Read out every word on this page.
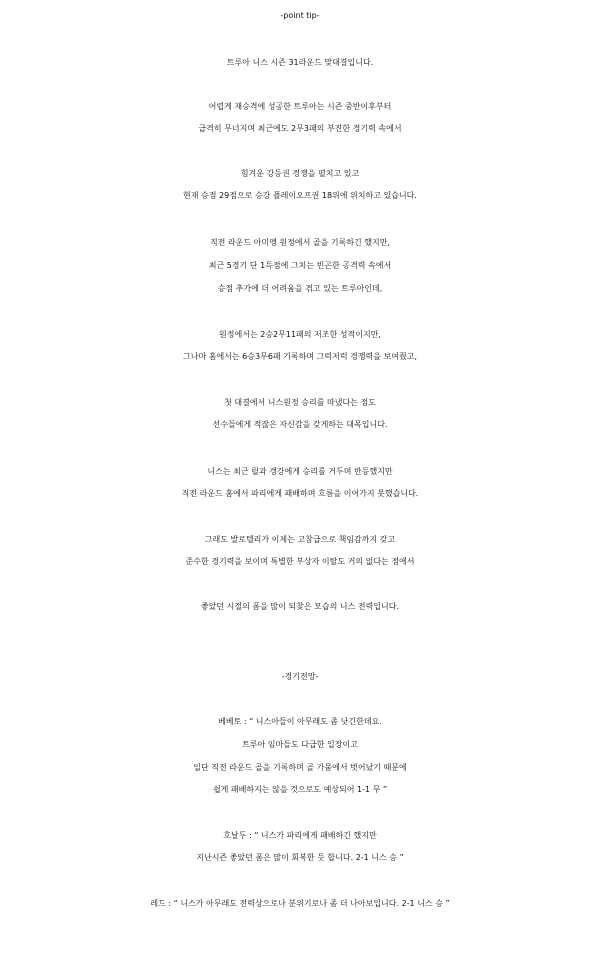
-point tip-
트루아 니스 시즌 31라운드 맞대결입니다.
어렵게 재승격에 성공한 트루아는 시즌 중반이후부터
급격히 무너지며 최근에도 2무3패의 부진한 경기력 속에서
힘겨운 강등권 경쟁을 펼치고 있고
현재 승점 29점으로 승강 플레이오프권 18위에 위치하고 있습니다.
직전 라운드 아미앵 원정에서 골을 기록하긴 했지만,
최근 5경기 단 1득점에 그치는 빈곤한 공격력 속에서
승점 추가에 더 어려움을 겪고 있는 트루아인데,
원정에서는 2승2무11패의 저조한 성적이지만,
그나마 홈에서는 6승3무6패 기록하며 그럭저럭 경쟁력을 보여줬고,
첫 대결에서 니스원정 승리를 따냈다는 점도
선수들에게 적잖은 자신감을 갖게하는 대목입니다.
니스는 최근 릴과 갱강에게 승리를 거두며 반등했지만
직전 라운드 홈에서 파리에게 패배하며 흐름을 이어가지 못했습니다.
그래도 발로텔리가 이제는 고참급으로 책임감까지 갖고
준수한 경기력을 보이며 특별한 부상자 이탈도 거의 없다는 점에서
좋았던 시절의 폼을 많이 되찾은 모습의 니스 전력입니다.
-경기전망-
베베토 : “ 니스아들이 아무래도 좀 낫긴한데요.
트루아 임마들도 다급한 입장이고
일단 직전 라운드 골을 기록하며 골 가뭄에서 벗어났기 때문에
쉽게 패배하지는 않을 것으로도 예상되어 1-1 무 ”
호날두 : “ 니스가 파리에게 패배하긴 했지만
지난시즌 좋았던 폼은 많이 회복한 듯 합니다. 2-1 니스 승 ”
레드 : “ 니스가 아무래도 전력상으로나 분위기로나 좀 더 나아보입니다. 2-1 니스 승 ”
